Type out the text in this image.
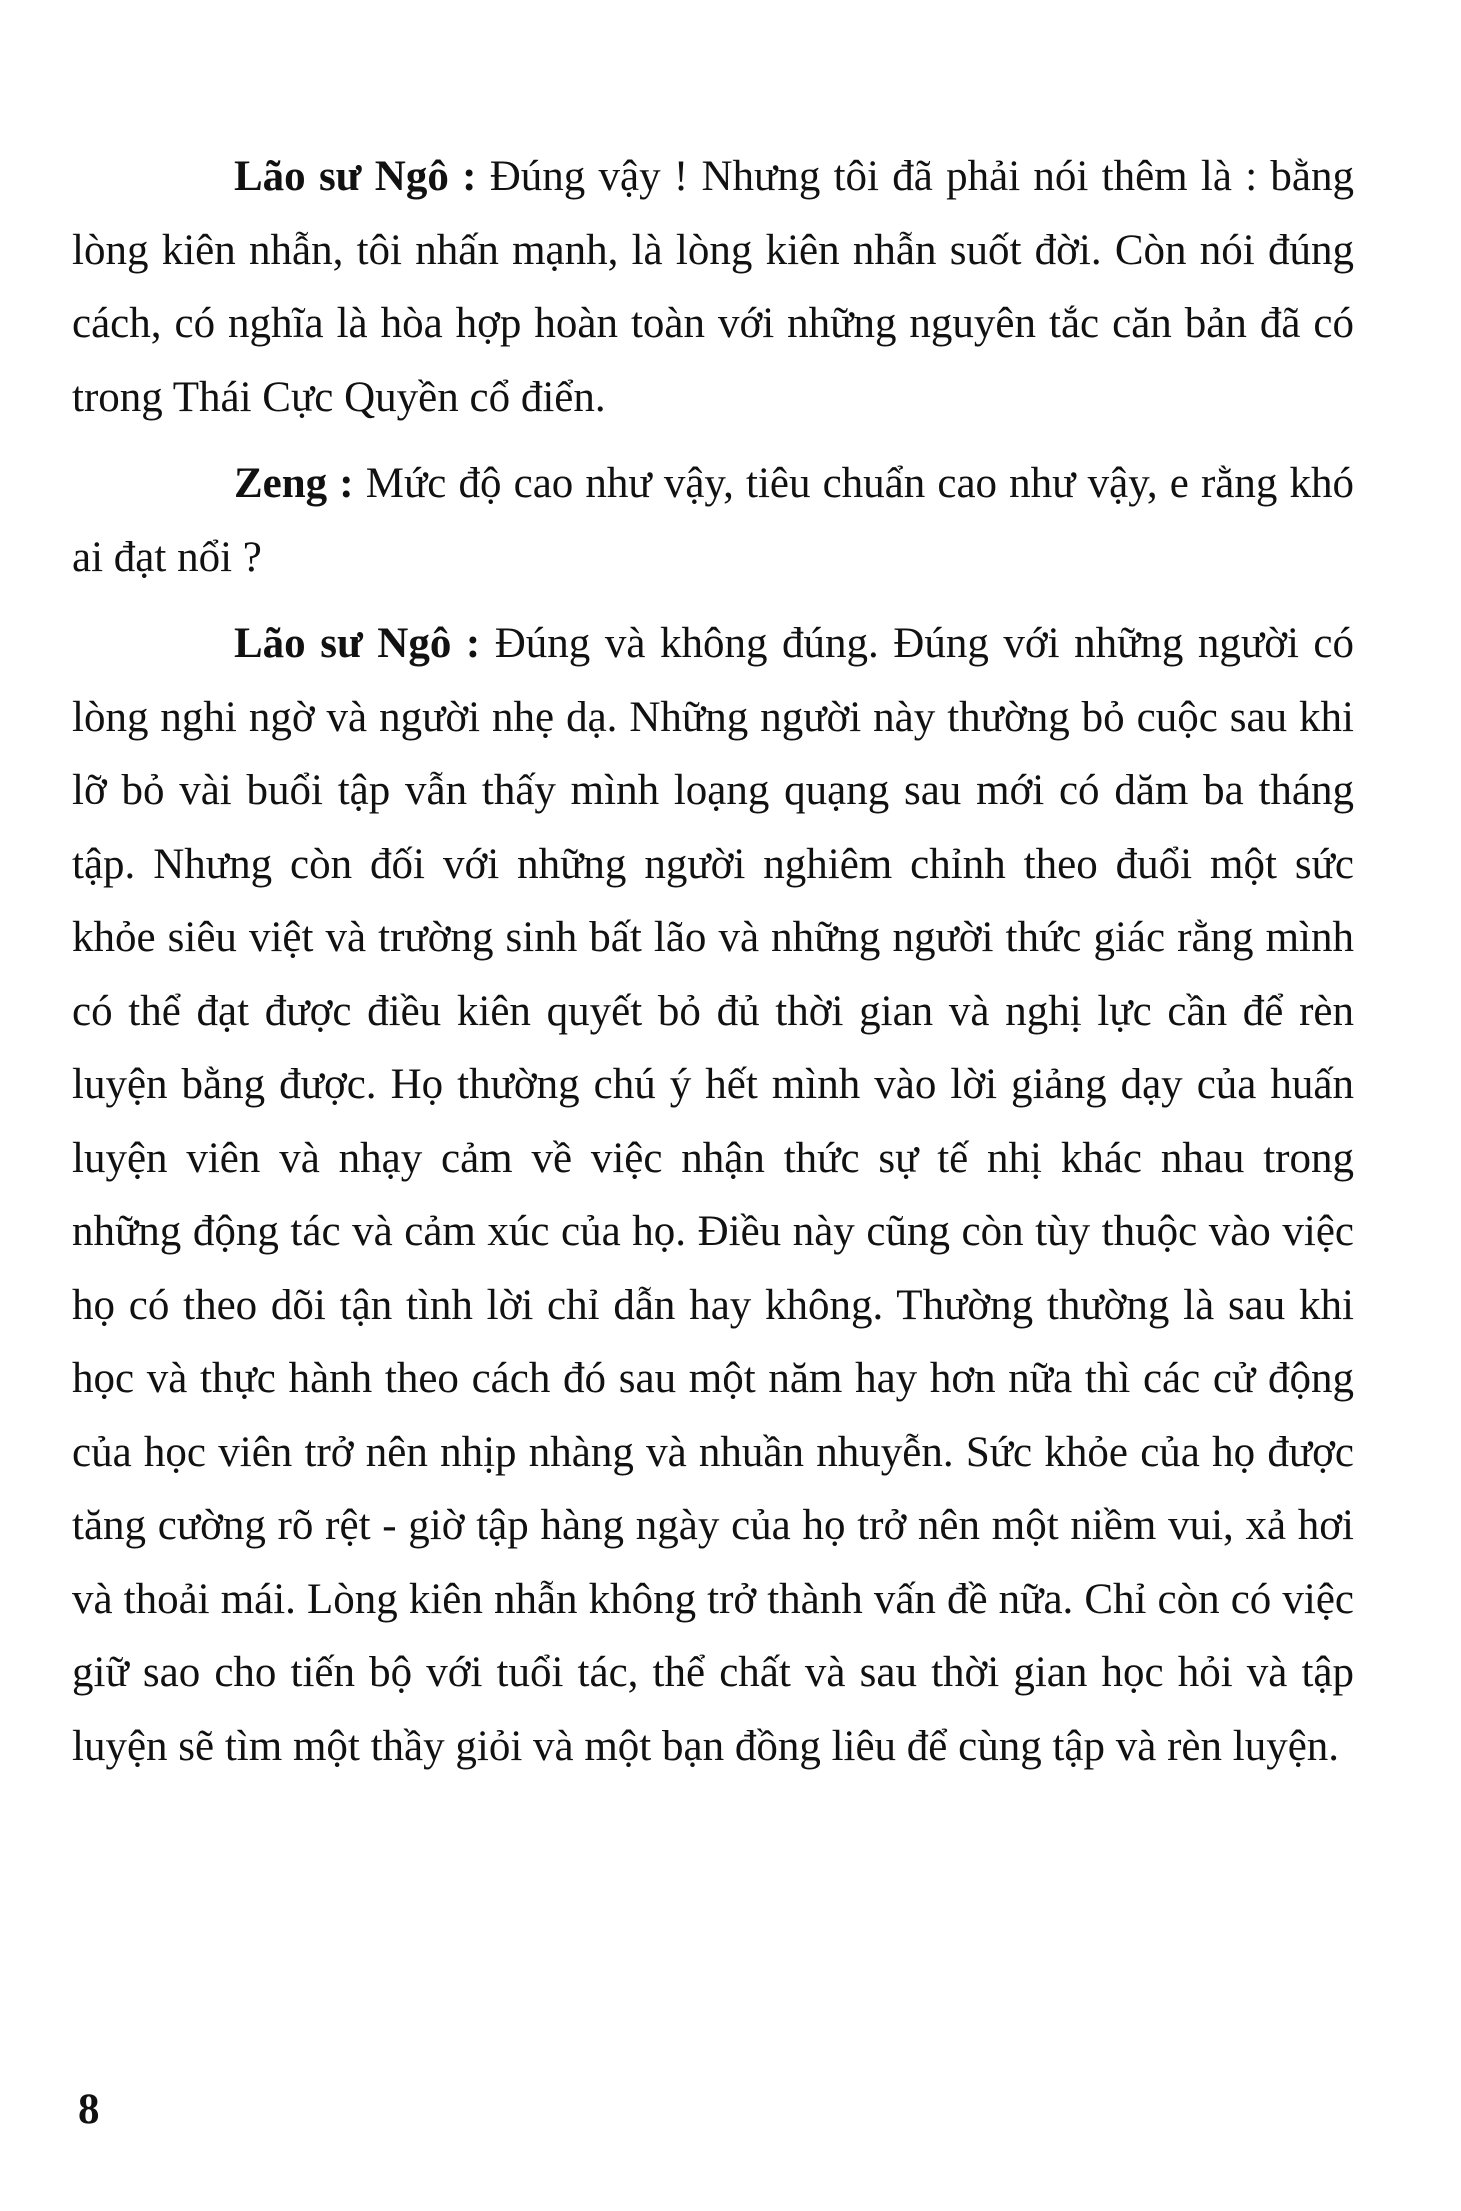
Lão sư Ngô : Đúng vậy ! Nhưng tôi đã phải nói thêm là : bằng lòng kiên nhẫn, tôi nhấn mạnh, là lòng kiên nhẫn suốt đời. Còn nói đúng cách, có nghĩa là hòa hợp hoàn toàn với những nguyên tắc căn bản đã có trong Thái Cực Quyền cổ điển.

Zeng : Mức độ cao như vậy, tiêu chuẩn cao như vậy, e rằng khó ai đạt nổi ?

Lão sư Ngô : Đúng và không đúng. Đúng với những người có lòng nghi ngờ và người nhẹ dạ. Những người này thường bỏ cuộc sau khi lỡ bỏ vài buổi tập vẫn thấy mình loạng quạng sau mới có dăm ba tháng tập. Nhưng còn đối với những người nghiêm chỉnh theo đuổi một sức khỏe siêu việt và trường sinh bất lão và những người thức giác rằng mình có thể đạt được điều kiên quyết bỏ đủ thời gian và nghị lực cần để rèn luyện bằng được. Họ thường chú ý hết mình vào lời giảng dạy của huấn luyện viên và nhạy cảm về việc nhận thức sự tế nhị khác nhau trong những động tác và cảm xúc của họ. Điều này cũng còn tùy thuộc vào việc họ có theo dõi tận tình lời chỉ dẫn hay không. Thường thường là sau khi học và thực hành theo cách đó sau một năm hay hơn nữa thì các cử động của học viên trở nên nhịp nhàng và nhuần nhuyễn. Sức khỏe của họ được tăng cường rõ rệt - giờ tập hàng ngày của họ trở nên một niềm vui, xả hơi và thoải mái. Lòng kiên nhẫn không trở thành vấn đề nữa. Chỉ còn có việc giữ sao cho tiến bộ với tuổi tác, thể chất và sau thời gian học hỏi và tập luyện sẽ tìm một thầy giỏi và một bạn đồng liêu để cùng tập và rèn luyện.

8
